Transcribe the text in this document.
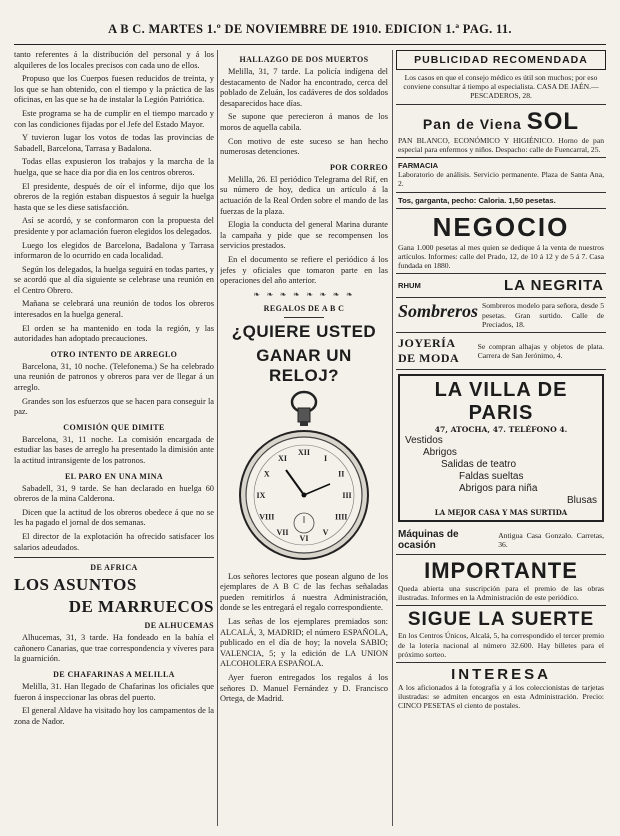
A B C. MARTES 1.º DE NOVIEMBRE DE 1910. EDICION 1.ª PAG. 11.

tanto referentes á la distribución del personal y á los alquileres de los locales precisos con cada uno de ellos.

Propuso que los Cuerpos fuesen reducidos de treinta, y los que se han obtenido, con el tiempo y la práctica de las oficinas, en las que se ha de instalar la Legión Patriótica.

Este programa se ha de cumplir en el tiempo marcado y con las condiciones fijadas por el Jefe del Estado Mayor.

Y tuvieron lugar los votos de todas las provincias de Sabadell, Barcelona, Tarrasa y Badalona.

Todas ellas expusieron los trabajos y la marcha de la huelga, que se hace dia por dia en los centros obreros.

El presidente, después de oír el informe, dijo que los obreros de la región estaban dispuestos á seguir la huelga hasta que se les diese satisfacción.

Así se acordó, y se conformaron con la propuesta del presidente y por aclamación fueron elegidos los delegados.

Luego los elegidos de Barcelona, Badalona y Tarrasa informaron de lo ocurrido en cada localidad.

Según los delegados, la huelga seguirá en todas partes, y se acordó que al día siguiente se celebrase una reunión en el Centro Obrero.

Mañana se celebrará una reunión de todos los obreros interesados en la huelga general.

El orden se ha mantenido en toda la región, y las autoridades han adoptado precauciones.

OTRO INTENTO DE ARREGLO

Barcelona, 31, 10 noche. (Telefonema.) Se ha celebrado una reunión de patronos y obreros para ver de llegar á un arreglo.

Grandes son los esfuerzos que se hacen para conseguir la paz.

COMISIÓN QUE DIMITE

Barcelona, 31, 11 noche. La comisión encargada de estudiar las bases de arreglo ha presentado la dimisión ante la actitud intransigente de los patronos.

EL PARO EN UNA MINA

Sabadell, 31, 9 tarde. Se han declarado en huelga 60 obreros de la mina Calderona.

Dicen que la actitud de los obreros obedece á que no se les ha pagado el jornal de dos semanas.

El director de la explotación ha ofrecido satisfacer los salarios adeudados.

DE AFRICA
LOS ASUNTOS
DE MARRUECOS
DE ALHUCEMAS

Alhucemas, 31, 3 tarde. Ha fondeado en la bahía el cañonero Canarias, que trae correspondencia y víveres para la guarnición.

DE CHAFARINAS A MELILLA

Melilla, 31. Han llegado de Chafarinas los oficiales que fueron á inspeccionar las obras del puerto.

El general Aldave ha visitado hoy los campamentos de la zona de Nador.

HALLAZGO DE DOS MUERTOS

Melilla, 31, 7 tarde. La policía indígena del destacamento de Nador ha encontrado, cerca del poblado de Zeluán, los cadáveres de dos soldados desaparecidos hace días.

Se supone que perecieron á manos de los moros de aquella cabila.

Con motivo de este suceso se han hecho numerosas detenciones.

POR CORREO

Melilla, 26. El periódico Telegrama del Rif, en su número de hoy, dedica un artículo á la actuación de la Real Orden sobre el mando de las fuerzas de la plaza.

Elogia la conducta del general Marina durante la campaña y pide que se recompensen los servicios prestados.

En el documento se refiere el periódico á los jefes y oficiales que tomaron parte en las operaciones del año anterior.

❧ ❧ ❧ ❧ ❧ ❧ ❧ ❧
REGALOS DE A B C
¿QUIERE USTED
GANAR UN RELOJ?
XII
I
II
III
IIII
V
VI
VII
VIII
IX
X
XI

Los señores lectores que posean alguno de los ejemplares de A B C de las fechas señaladas pueden remitirlos á nuestra Administración, donde se les entregará el regalo correspondiente.

Las señas de los ejemplares premiados son: ALCALÁ, 3, MADRID; el número ESPAÑOLA, publicado en el día de hoy; la novela SABIO; VALENCIA, 5; y la edición de LA UNION ALCOHOLERA ESPAÑOLA.

Ayer fueron entregados los regalos á los señores D. Manuel Fernández y D. Francisco Ortega, de Madrid.

PUBLICIDAD RECOMENDADA
Los casos en que el consejo médico es útil son muchos; por eso conviene consultar á tiempo al especialista. CASA DE JAÉN.—PESCADEROS, 28.
Pan de Viena SOL
PAN BLANCO, ECONÓMICO Y HIGIÉNICO. Horno de pan especial para enfermos y niños. Despacho: calle de Fuencarral, 25.
FARMACIA
Laboratorio de análisis. Servicio permanente. Plaza de Santa Ana, 2.
Tos, garganta, pecho: Caloria. 1,50 pesetas.
NEGOCIO
Gana 1.000 pesetas al mes quien se dedique á la venta de nuestros artículos. Informes: calle del Prado, 12, de 10 á 12 y de 5 á 7. Casa fundada en 1880.
RHUM	LA NEGRITA
Sombreros Sombreros modelo para señora, desde 5 pesetas. Gran surtido. Calle de Preciados, 18.
JOYERÍA DE MODA
Se compran alhajas y objetos de plata. Carrera de San Jerónimo, 4.
LA VILLA DE PARIS
47, ATOCHA, 47. TELÉFONO 4.
Vestidos
Abrigos
Salidas de teatro
Faldas sueltas
Abrigos para niña
Blusas
LA MEJOR CASA Y MAS SURTIDA
Máquinas de ocasión
Antigua Casa Gonzalo. Carretas, 36.
IMPORTANTE
Queda abierta una suscripción para el premio de las obras ilustradas. Informes en la Administración de este periódico.
SIGUE LA SUERTE
En los Centros Únicos, Alcalá, 5, ha correspondido el tercer premio de la lotería nacional al número 32.600. Hay billetes para el próximo sorteo.
INTERESA
A los aficionados á la fotografía y á los coleccionistas de tarjetas ilustradas: se admiten encargos en esta Administración. Precio: CINCO PESETAS el ciento de postales.
